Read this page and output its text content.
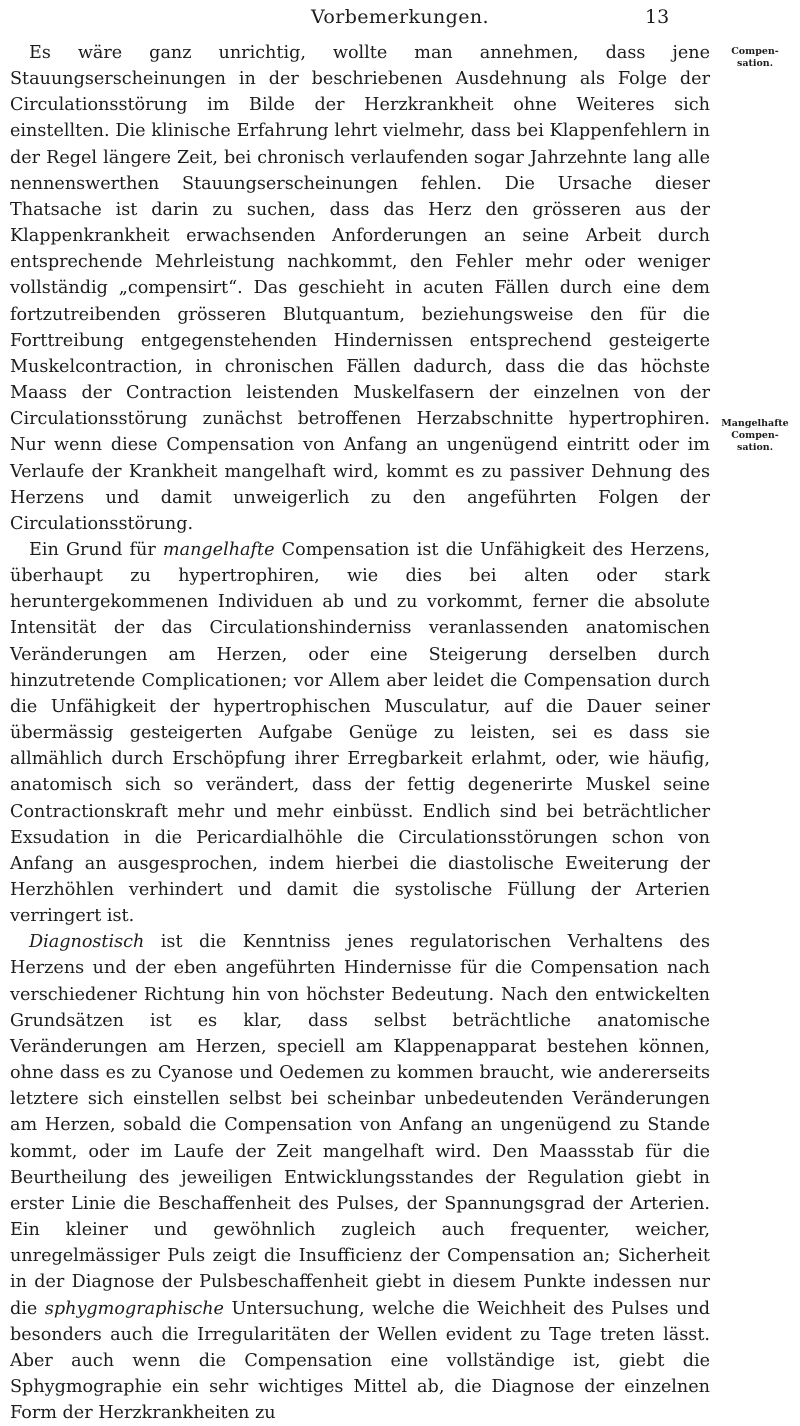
Vorbemerkungen.	13
Compen-
sation.
Mangelhafte
Compen-
sation.

Es wäre ganz unrichtig, wollte man annehmen, dass jene Stauungserscheinungen in der beschriebenen Ausdehnung als Folge der Circulationsstörung im Bilde der Herzkrankheit ohne Weiteres sich einstellten. Die klinische Erfahrung lehrt vielmehr, dass bei Klappenfehlern in der Regel längere Zeit, bei chronisch verlaufenden sogar Jahrzehnte lang alle nennenswerthen Stauungserscheinungen fehlen. Die Ursache dieser Thatsache ist darin zu suchen, dass das Herz den grösseren aus der Klappenkrankheit erwachsenden Anforderungen an seine Arbeit durch entsprechende Mehrleistung nachkommt, den Fehler mehr oder weniger vollständig „compensirt“. Das geschieht in acuten Fällen durch eine dem fortzutreibenden grösseren Blutquantum, beziehungsweise den für die Forttreibung entgegenstehenden Hindernissen entsprechend gesteigerte Muskelcontraction, in chronischen Fällen dadurch, dass die das höchste Maass der Contraction leistenden Muskelfasern der einzelnen von der Circulationsstörung zunächst betroffenen Herzabschnitte hypertrophiren. Nur wenn diese Compensation von Anfang an ungenügend eintritt oder im Verlaufe der Krankheit mangelhaft wird, kommt es zu passiver Dehnung des Herzens und damit unweigerlich zu den angeführten Folgen der Circulationsstörung.

Ein Grund für mangelhafte Compensation ist die Unfähigkeit des Herzens, überhaupt zu hypertrophiren, wie dies bei alten oder stark heruntergekommenen Individuen ab und zu vorkommt, ferner die absolute Intensität der das Circulationshinderniss veranlassenden anatomischen Veränderungen am Herzen, oder eine Steigerung derselben durch hinzutretende Complicationen; vor Allem aber leidet die Compensation durch die Unfähigkeit der hypertrophischen Musculatur, auf die Dauer seiner übermässig gesteigerten Aufgabe Genüge zu leisten, sei es dass sie allmählich durch Erschöpfung ihrer Erregbarkeit erlahmt, oder, wie häufig, anatomisch sich so verändert, dass der fettig degenerirte Muskel seine Contractionskraft mehr und mehr einbüsst. Endlich sind bei beträchtlicher Exsudation in die Pericardialhöhle die Circulationsstörungen schon von Anfang an ausgesprochen, indem hierbei die diastolische Eweiterung der Herzhöhlen verhindert und damit die systolische Füllung der Arterien verringert ist.

Diagnostisch ist die Kenntniss jenes regulatorischen Verhaltens des Herzens und der eben angeführten Hindernisse für die Compensation nach verschiedener Richtung hin von höchster Bedeutung. Nach den entwickelten Grundsätzen ist es klar, dass selbst beträchtliche anatomische Veränderungen am Herzen, speciell am Klappenapparat bestehen können, ohne dass es zu Cyanose und Oedemen zu kommen braucht, wie andererseits letztere sich einstellen selbst bei scheinbar unbedeutenden Veränderungen am Herzen, sobald die Compensation von Anfang an ungenügend zu Stande kommt, oder im Laufe der Zeit mangelhaft wird. Den Maassstab für die Beurtheilung des jeweiligen Entwicklungsstandes der Regulation giebt in erster Linie die Beschaffenheit des Pulses, der Spannungsgrad der Arterien. Ein kleiner und gewöhnlich zugleich auch frequenter, weicher, unregelmässiger Puls zeigt die Insufficienz der Compensation an; Sicherheit in der Diagnose der Pulsbeschaffenheit giebt in diesem Punkte indessen nur die sphygmographische Untersuchung, welche die Weichheit des Pulses und besonders auch die Irregularitäten der Wellen evident zu Tage treten lässt. Aber auch wenn die Compensation eine vollständige ist, giebt die Sphygmographie ein sehr wichtiges Mittel ab, die Diagnose der einzelnen Form der Herzkrankheiten zu
